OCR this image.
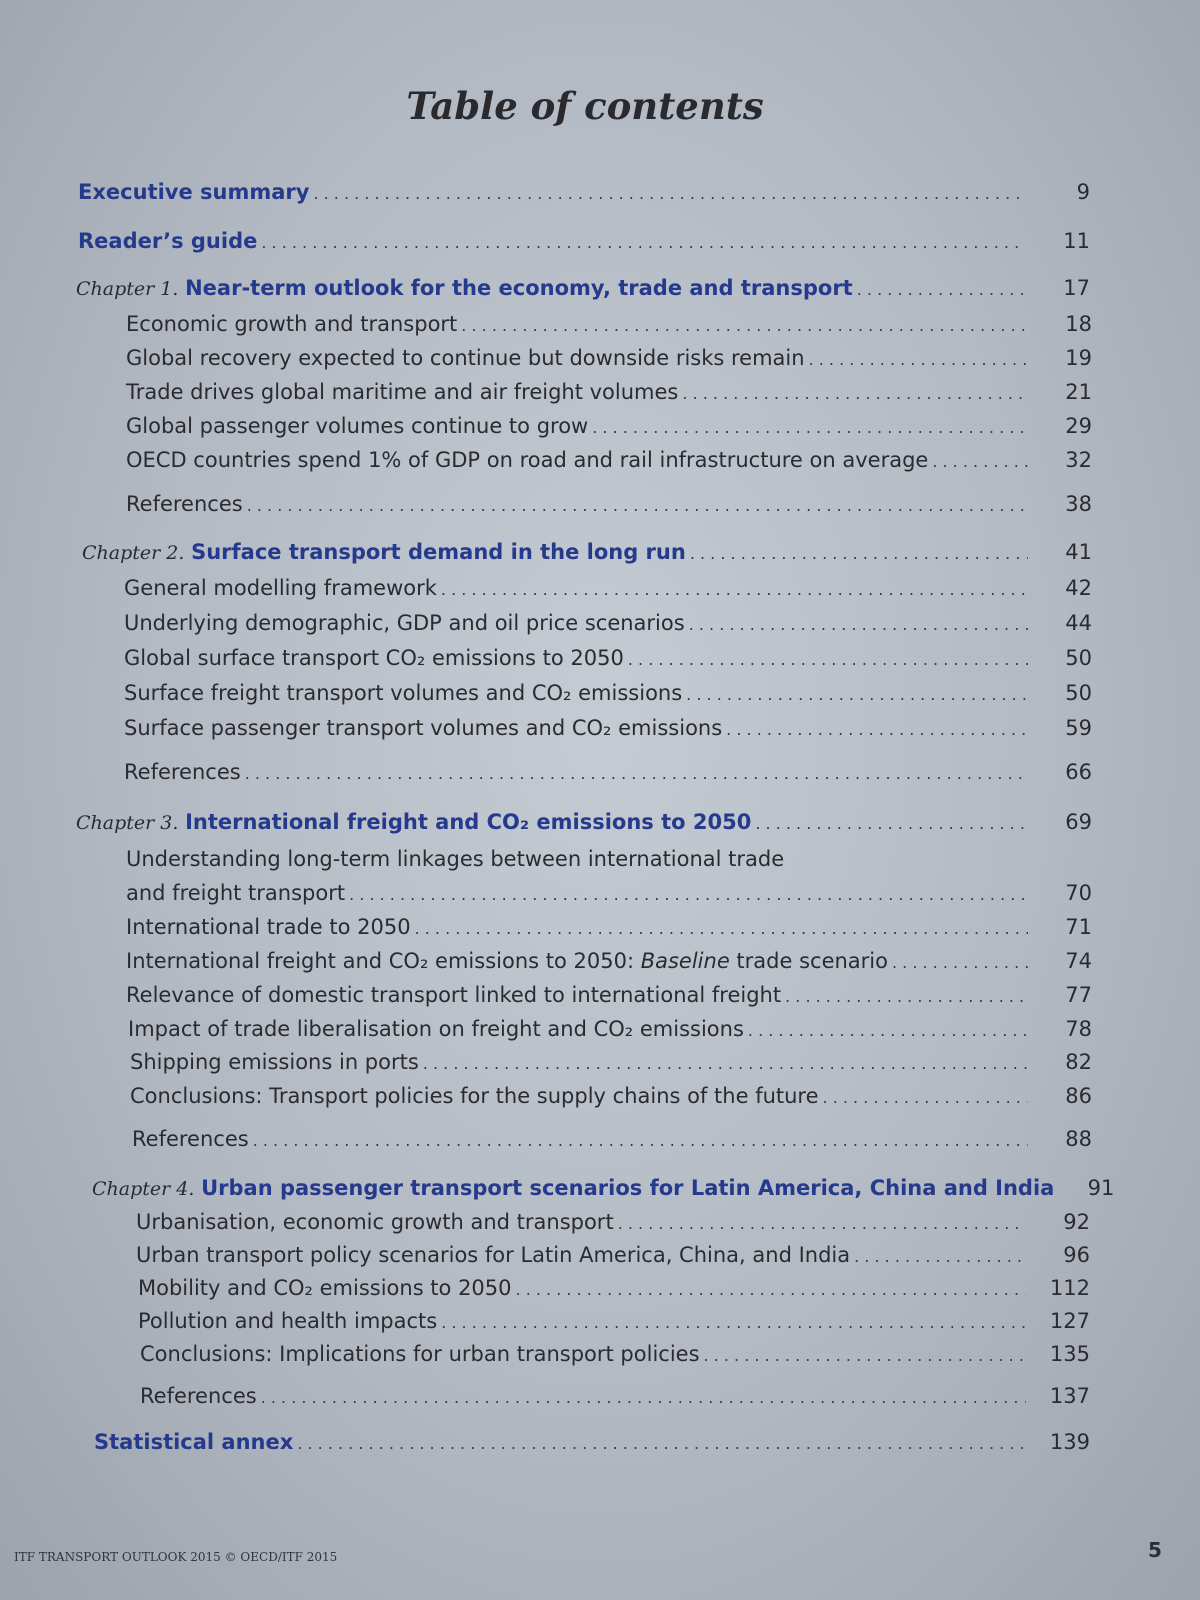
Table of contents
Executive summary . . .	9
Reader’s guide . . .	11
Chapter 1. Near-term outlook for the economy, trade and transport . . .	17
Economic growth and transport . . .	18
Global recovery expected to continue but downside risks remain . . .	19
Trade drives global maritime and air freight volumes . . .	21
Global passenger volumes continue to grow . . .	29
OECD countries spend 1% of GDP on road and rail infrastructure on average . . .	32
References . . .	38
Chapter 2. Surface transport demand in the long run . . .	41
General modelling framework . . .	42
Underlying demographic, GDP and oil price scenarios . . .	44
Global surface transport CO₂ emissions to 2050 . . .	50
Surface freight transport volumes and CO₂ emissions . . .	50
Surface passenger transport volumes and CO₂ emissions . . .	59
References . . .	66
Chapter 3. International freight and CO₂ emissions to 2050 . . .	69
Understanding long-term linkages between international trade
and freight transport . . .	70
International trade to 2050 . . .	71
International freight and CO₂ emissions to 2050: Baseline trade scenario . . .	74
Relevance of domestic transport linked to international freight . . .	77
Impact of trade liberalisation on freight and CO₂ emissions . . .	78
Shipping emissions in ports . . .	82
Conclusions: Transport policies for the supply chains of the future . . .	86
References . . .	88
Chapter 4. Urban passenger transport scenarios for Latin America, China and India	91
Urbanisation, economic growth and transport . . .	92
Urban transport policy scenarios for Latin America, China, and India . . .	96
Mobility and CO₂ emissions to 2050 . . .	112
Pollution and health impacts . . .	127
Conclusions: Implications for urban transport policies . . .	135
References . . .	137
Statistical annex . . .	139
ITF TRANSPORT OUTLOOK 2015 © OECD/ITF 2015	5
